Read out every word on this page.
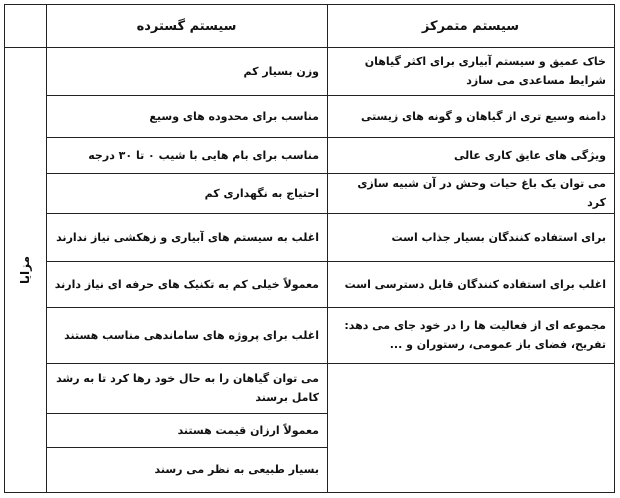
سیستم گسترده	سیستم متمرکز
مزایا
خاک عمیق و سیستم آبیاری برای اکثر گیاهان شرایط مساعدی می سازد
دامنه وسیع تری از گیاهان و گونه های زیستی
ویژگی های عایق کاری عالی
می توان یک باغ حیات وحش در آن شبیه سازی کرد
برای استفاده کنندگان بسیار جذاب است
اغلب برای استفاده کنندگان قابل دسترسی است
مجموعه ای از فعالیت ها را در خود جای می دهد: تفریح، فضای باز عمومی، رستوران و ...
وزن بسیار کم
مناسب برای محدوده های وسیع
مناسب برای بام هایی با شیب ۰ تا ۳۰ درجه
احتیاج به نگهداری کم
اغلب به سیستم های آبیاری و زهکشی نیاز ندارند
معمولاً خیلی کم به تکنیک های حرفه ای نیاز دارند
اغلب برای پروژه های ساماندهی مناسب هستند
می توان گیاهان را به حال خود رها کرد تا به رشد کامل برسند
معمولاً ارزان قیمت هستند
بسیار طبیعی به نظر می رسند
